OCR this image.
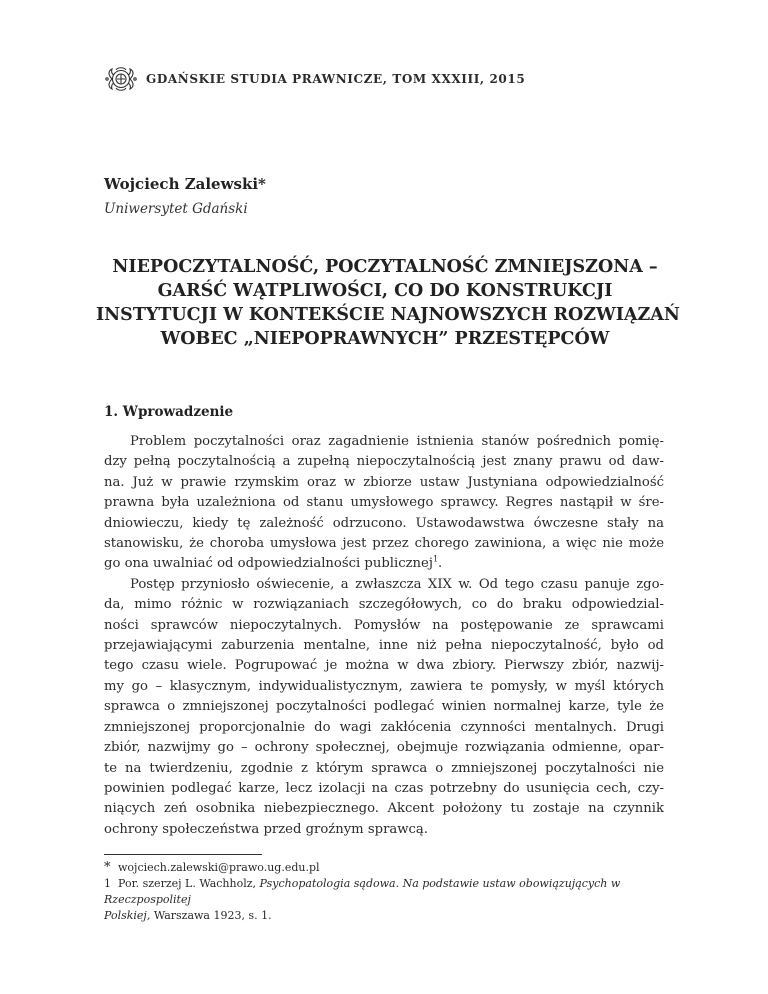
GDAŃSKIE STUDIA PRAWNICZE, TOM XXXIII, 2015
Wojciech Zalewski*
Uniwersytet Gdański
NIEPOCZYTALNOŚĆ, POCZYTALNOŚĆ ZMNIEJSZONA –
GARŚĆ WĄTPLIWOŚCI, CO DO KONSTRUKCJI
INSTYTUCJI W KONTEKŚCIE NAJNOWSZYCH ROZWIĄZAŃ
WOBEC „NIEPOPRAWNYCH” PRZESTĘPCÓW
1. Wprowadzenie
Problem poczytalności oraz zagadnienie istnienia stanów pośrednich pomię-
dzy pełną poczytalnością a zupełną niepoczytalnością jest znany prawu od daw-
na. Już w prawie rzymskim oraz w zbiorze ustaw Justyniana odpowiedzialność
prawna była uzależniona od stanu umysłowego sprawcy. Regres nastąpił w śre-
dniowieczu, kiedy tę zależność odrzucono. Ustawodawstwa ówczesne stały na
stanowisku, że choroba umysłowa jest przez chorego zawiniona, a więc nie może
go ona uwalniać od odpowiedzialności publicznej$^1$.
Postęp przyniosło oświecenie, a zwłaszcza XIX w. Od tego czasu panuje zgo-
da, mimo różnic w rozwiązaniach szczegółowych, co do braku odpowiedzial-
ności sprawców niepoczytalnych. Pomysłów na postępowanie ze sprawcami
przejawiającymi zaburzenia mentalne, inne niż pełna niepoczytalność, było od
tego czasu wiele. Pogrupować je można w dwa zbiory. Pierwszy zbiór, nazwij-
my go – klasycznym, indywidualistycznym, zawiera te pomysły, w myśl których
sprawca o zmniejszonej poczytalności podlegać winien normalnej karze, tyle że
zmniejszonej proporcjonalnie do wagi zakłócenia czynności mentalnych. Drugi
zbiór, nazwijmy go – ochrony społecznej, obejmuje rozwiązania odmienne, opar-
te na twierdzeniu, zgodnie z którym sprawca o zmniejszonej poczytalności nie
powinien podlegać karze, lecz izolacji na czas potrzebny do usunięcia cech, czy-
niących zeń osobnika niebezpiecznego. Akcent położony tu zostaje na czynnik
ochrony społeczeństwa przed groźnym sprawcą.
* wojciech.zalewski@prawo.ug.edu.pl
1 Por. szerzej L. Wachholz, Psychopatologia sądowa. Na podstawie ustaw obowiązujących w Rzeczpospolitej
Polskiej, Warszawa 1923, s. 1.
